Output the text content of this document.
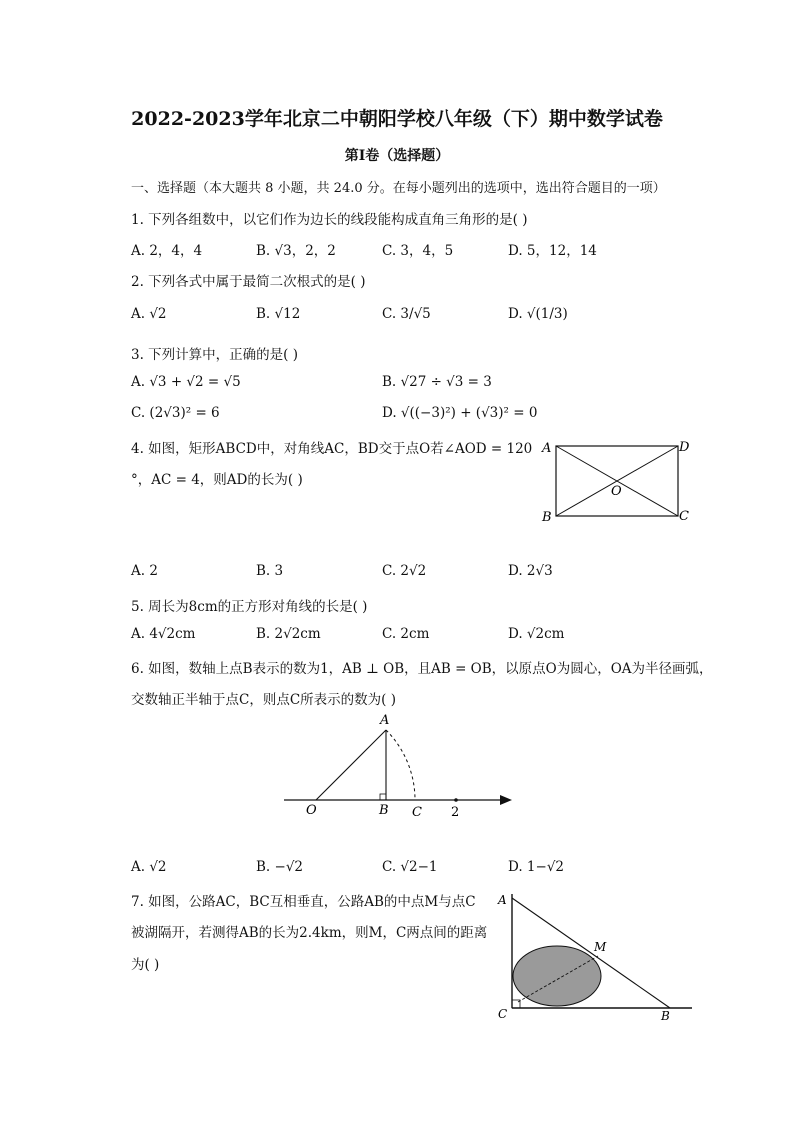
2022-2023学年北京二中朝阳学校八年级（下）期中数学试卷
第I卷（选择题）
一、选择题（本大题共 8 小题，共 24.0 分。在每小题列出的选项中，选出符合题目的一项）
1. 下列各组数中，以它们作为边长的线段能构成直角三角形的是( )
A. 2，4，4	B. √3，2，2	C. 3，4，5	D. 5，12，14
2. 下列各式中属于最简二次根式的是( )
A. √2	B. √12	C. 3/√5	D. √(1/3)
3. 下列计算中，正确的是( )
A. √3 + √2 = √5	B. √27 ÷ √3 = 3
C. (2√3)² = 6	D. √((−3)²) + (√3)² = 0
4. 如图，矩形ABCD中，对角线AC，BD交于点O若∠AOD = 120
°，AC = 4，则AD的长为( )
A	D
O
B	C
A. 2	B. 3	C. 2√2	D. 2√3
5. 周长为8cm的正方形对角线的长是( )
A. 4√2cm	B. 2√2cm	C. 2cm	D. √2cm
6. 如图，数轴上点B表示的数为1，AB ⊥ OB，且AB = OB，以原点O为圆心，OA为半径画弧，
交数轴正半轴于点C，则点C所表示的数为( )
A
O	B C 2
A. √2	B. −√2	C. √2−1	D. 1−√2
7. 如图，公路AC，BC互相垂直，公路AB的中点M与点C
被湖隔开，若测得AB的长为2.4km，则M，C两点间的距离
为( )
A
M
C	B
